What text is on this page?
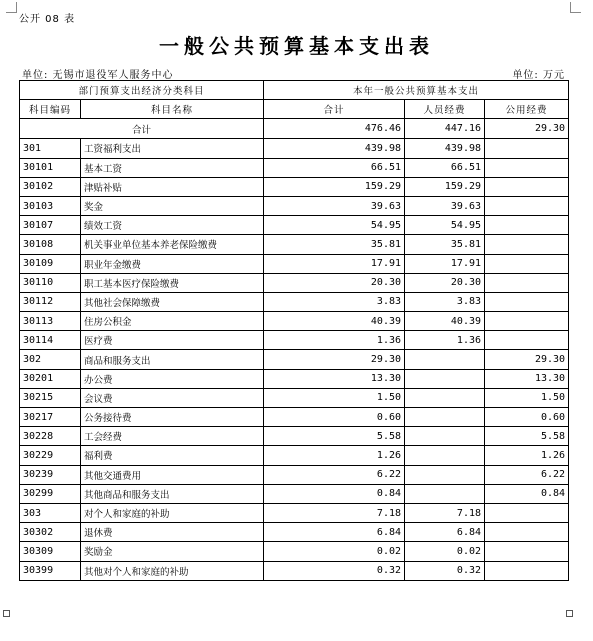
公开 08 表
一般公共预算基本支出表
单位: 无锡市退役军人服务中心	单位: 万元
部门预算支出经济分类科目		本年一般公共预算基本支出		
科目编码	科目名称	合计	人员经费	公用经费
合计		476.46	447.16	29.30
301	工资福利支出	439.98	439.98	
30101	基本工资	66.51	66.51	
30102	津贴补贴	159.29	159.29	
30103	奖金	39.63	39.63	
30107	绩效工资	54.95	54.95	
30108	机关事业单位基本养老保险缴费	35.81	35.81	
30109	职业年金缴费	17.91	17.91	
30110	职工基本医疗保险缴费	20.30	20.30	
30112	其他社会保障缴费	3.83	3.83	
30113	住房公积金	40.39	40.39	
30114	医疗费	1.36	1.36	
302	商品和服务支出	29.30		29.30
30201	办公费	13.30		13.30
30215	会议费	1.50		1.50
30217	公务接待费	0.60		0.60
30228	工会经费	5.58		5.58
30229	福利费	1.26		1.26
30239	其他交通费用	6.22		6.22
30299	其他商品和服务支出	0.84		0.84
303	对个人和家庭的补助	7.18	7.18	
30302	退休费	6.84	6.84	
30309	奖励金	0.02	0.02	
30399	其他对个人和家庭的补助	0.32	0.32	
